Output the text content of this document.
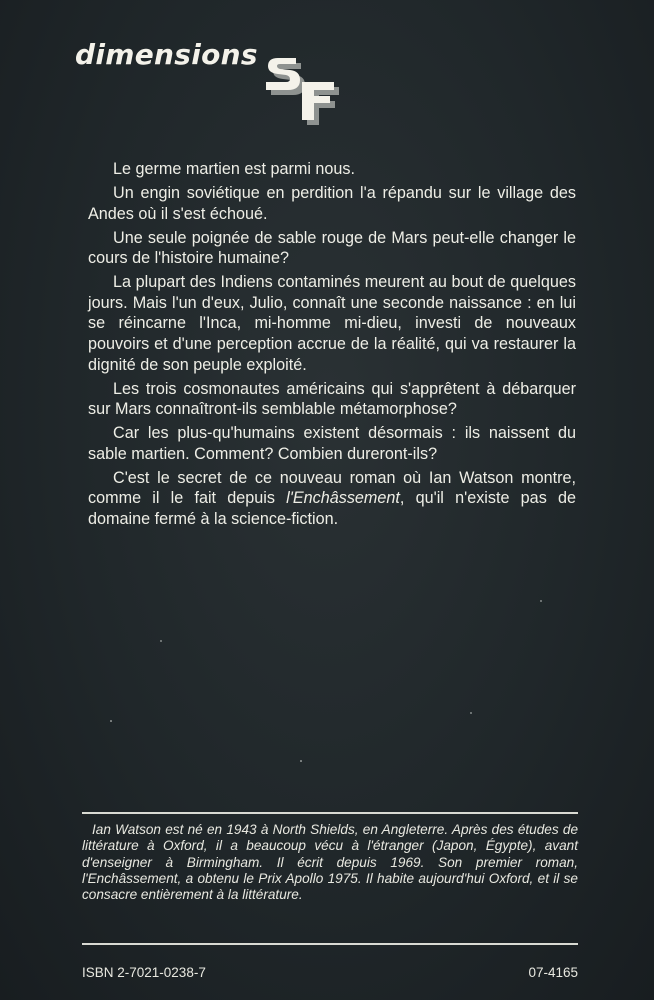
dimensions

Le germe martien est parmi nous.

Un engin soviétique en perdition l'a répandu sur le village des Andes où il s'est échoué.

Une seule poignée de sable rouge de Mars peut-elle changer le cours de l'histoire humaine?

La plupart des Indiens contaminés meurent au bout de quelques jours. Mais l'un d'eux, Julio, connaît une seconde naissance : en lui se réincarne l'Inca, mi-homme mi-dieu, investi de nouveaux pouvoirs et d'une perception accrue de la réalité, qui va restaurer la dignité de son peuple exploité.

Les trois cosmonautes américains qui s'apprêtent à débarquer sur Mars connaîtront-ils semblable métamorphose?

Car les plus-qu'humains existent désormais : ils naissent du sable martien. Comment? Combien dureront-ils?

C'est le secret de ce nouveau roman où Ian Watson montre, comme il le fait depuis l'Enchâssement, qu'il n'existe pas de domaine fermé à la science-fiction.

Ian Watson est né en 1943 à North Shields, en Angleterre. Après des études de littérature à Oxford, il a beaucoup vécu à l'étranger (Japon, Égypte), avant d'enseigner à Birmingham. Il écrit depuis 1969. Son premier roman, l'Enchâssement, a obtenu le Prix Apollo 1975. Il habite aujourd'hui Oxford, et il se consacre entièrement à la littérature.

ISBN 2-7021-0238-7	07-4165
